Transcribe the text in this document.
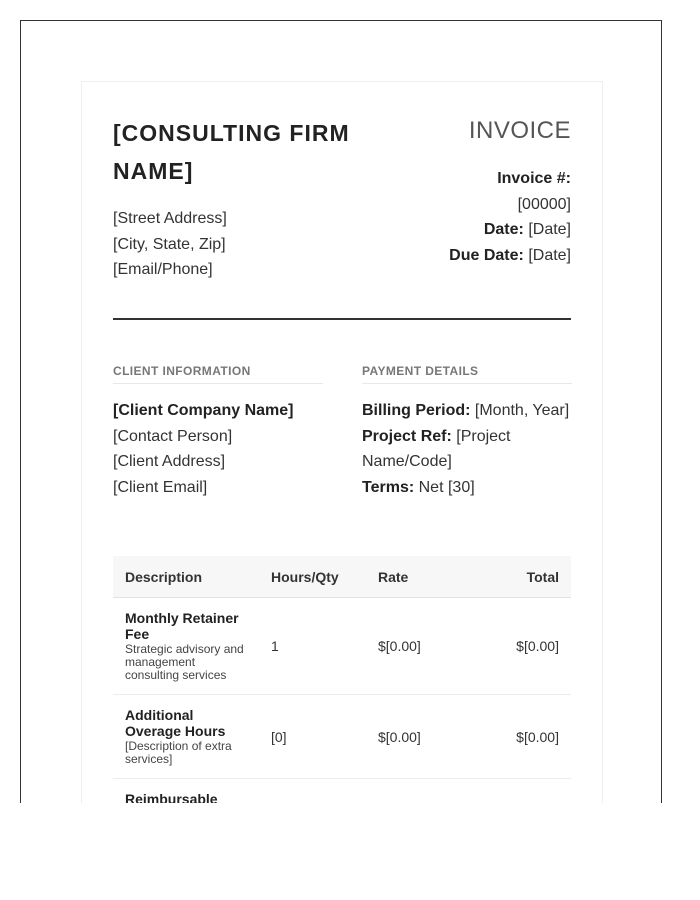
[CONSULTING FIRM NAME]
[Street Address]
[City, State, Zip]
[Email/Phone]
INVOICE
Invoice #:
[00000]
Date: [Date]
Due Date: [Date]
CLIENT INFORMATION
[Client Company Name]
[Contact Person]
[Client Address]
[Client Email]
PAYMENT DETAILS
Billing Period: [Month, Year]
Project Ref: [Project Name/Code]
Terms: Net [30]
Description	Hours/Qty	Rate	Total

Monthly Retainer Fee
Strategic advisory and management consulting services	1	$[0.00]	$[0.00]

Additional Overage Hours
[Description of extra services]	[0]	$[0.00]	$[0.00]

Reimbursable			
